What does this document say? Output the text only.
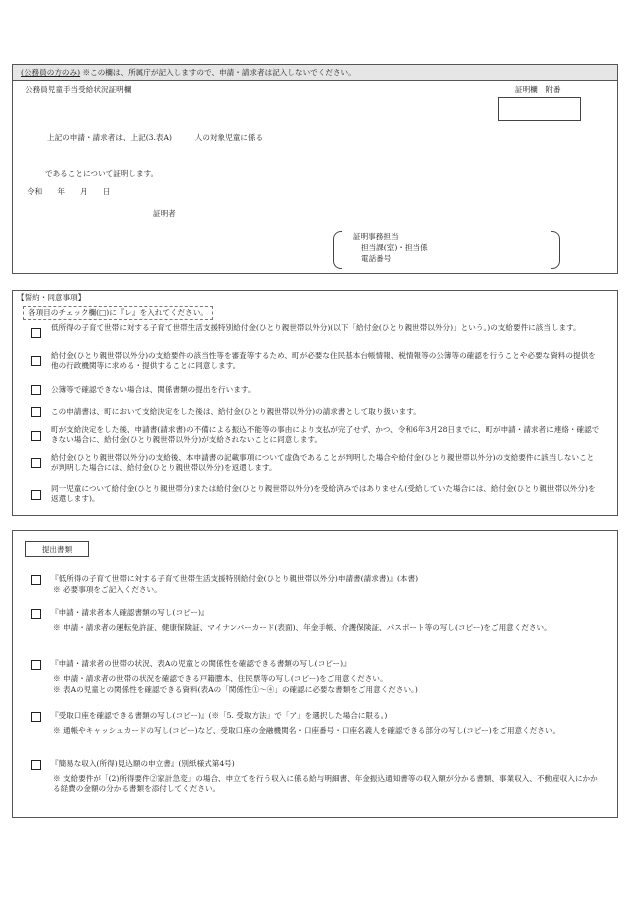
(公務員の方のみ) ※この欄は、所属庁が記入しますので、申請・請求者は記入しないでください。
公務員児童手当受給状況証明欄	証明欄　附番
上記の申請・請求者は、上記(3.表A)　　　人の対象児童に係る
であることについて証明します。
令和　　年　　月　　日
証明者
証明事務担当
担当課(室)・担当係
電話番号
【誓約・同意事項】
各項目のチェック欄(□)に『レ』を入れてください。
低所得の子育て世帯に対する子育て世帯生活支援特別給付金(ひとり親世帯以外分)(以下「給付金(ひとり親世帯以外分)」という。)の支給要件に該当します。
給付金(ひとり親世帯以外分)の支給要件の該当性等を審査等するため、町が必要な住民基本台帳情報、税情報等の公簿等の確認を行うことや必要な資料の提供を他の行政機関等に求める・提供することに同意します。
公簿等で確認できない場合は、関係書類の提出を行います。
この申請書は、町において支給決定をした後は、給付金(ひとり親世帯以外分)の請求書として取り扱います。
町が支給決定をした後、申請書(請求書)の不備による振込不能等の事由により支払が完了せず、かつ、令和6年3月28日までに、町が申請・請求者に連絡・確認できない場合に、給付金(ひとり親世帯以外分)が支給されないことに同意します。
給付金(ひとり親世帯以外分)の支給後、本申請書の記載事項について虚偽であることが判明した場合や給付金(ひとり親世帯以外分)の支給要件に該当しないことが判明した場合には、給付金(ひとり親世帯以外分)を返還します。
同一児童について給付金(ひとり親世帯分)または給付金(ひとり親世帯以外分)を受給済みではありません(受給していた場合には、給付金(ひとり親世帯以外分)を返還します)。
提出書類
『低所得の子育て世帯に対する子育て世帯生活支援特別給付金(ひとり親世帯以外分)申請書(請求書)』(本書)
※ 必要事項をご記入ください。
『申請・請求者本人確認書類の写し(コピー)』
※ 申請・請求者の運転免許証、健康保険証、マイナンバーカード(表面)、年金手帳、介護保険証、パスポート等の写し(コピー)をご用意ください。
『申請・請求者の世帯の状況、表Aの児童との関係性を確認できる書類の写し(コピー)』
※ 申請・請求者の世帯の状況を確認できる戸籍謄本、住民票等の写し(コピー)をご用意ください。
※ 表Aの児童との関係性を確認できる資料(表Aの「関係性①〜④」の確認に必要な書類をご用意ください。)
『受取口座を確認できる書類の写し(コピー)』(※「5. 受取方法」で「ア」を選択した場合に限る。)
※ 通帳やキャッシュカードの写し(コピー)など、受取口座の金融機関名・口座番号・口座名義人を確認できる部分の写し(コピー)をご用意ください。
『簡易な収入(所得)見込額の申立書』(別紙様式第4号)
※ 支給要件が「(2)所得要件②家計急変」の場合、申立てを行う収入に係る給与明細書、年金振込通知書等の収入額が分かる書類、事業収入、不動産収入にかかる経費の金額の分かる書類を添付してください。
